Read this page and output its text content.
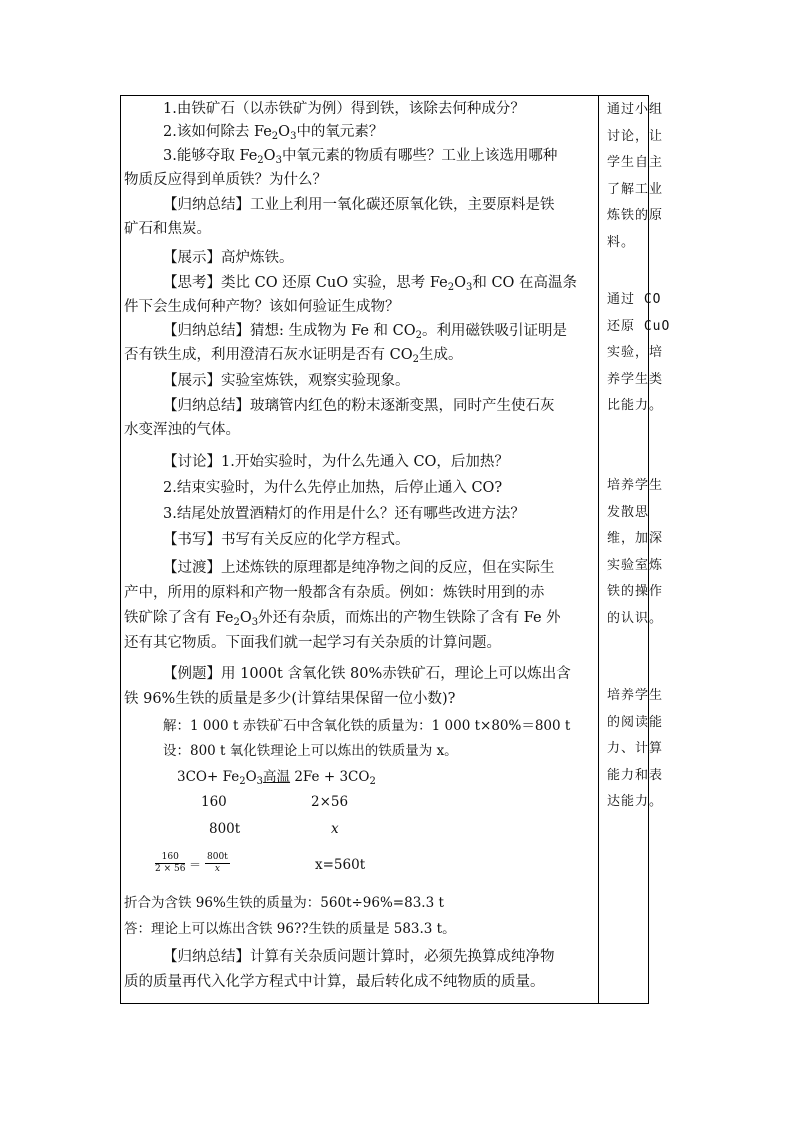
1.由铁矿石（以赤铁矿为例）得到铁，该除去何种成分？
2.该如何除去 $Fe_2O_3$中的氧元素？
3.能够夺取 $Fe_2O_3$中氧元素的物质有哪些？工业上该选用哪种
物质反应得到单质铁？为什么？
【归纳总结】工业上利用一氧化碳还原氧化铁，主要原料是铁
矿石和焦炭。
【展示】高炉炼铁。
【思考】类比 CO 还原 CuO 实验，思考 $Fe_2O_3$和 CO 在高温条
件下会生成何种产物？该如何验证生成物？
【归纳总结】猜想: 生成物为 Fe 和 $CO_2$。利用磁铁吸引证明是
否有铁生成，利用澄清石灰水证明是否有 $CO_2$生成。
【展示】实验室炼铁，观察实验现象。
【归纳总结】玻璃管内红色的粉末逐渐变黑，同时产生使石灰
水变浑浊的气体。
【讨论】1.开始实验时，为什么先通入 CO，后加热？
2.结束实验时，为什么先停止加热，后停止通入 CO?
3.结尾处放置酒精灯的作用是什么？还有哪些改进方法？
【书写】书写有关反应的化学方程式。
【过渡】上述炼铁的原理都是纯净物之间的反应，但在实际生
产中，所用的原料和产物一般都含有杂质。例如：炼铁时用到的赤
铁矿除了含有 $Fe_2O_3$外还有杂质，而炼出的产物生铁除了含有 Fe 外
还有其它物质。下面我们就一起学习有关杂质的计算问题。
【例题】用 1000t 含氧化铁 80%赤铁矿石，理论上可以炼出含
铁 96%生铁的质量是多少(计算结果保留一位小数)?
解：1 000 t 赤铁矿石中含氧化铁的质量为：1 000 t×80%＝800 t
设：800 t 氧化铁理论上可以炼出的铁质量为 x。
$3CO+ Fe_2O_3$高温 $2Fe + 3CO_2$
160	2×56
800t	x
$\frac{160}{2 \times 56} = \frac{800t}{x}$	x=560t
折合为含铁 96%生铁的质量为：560t÷96%=83.3 t
答：理论上可以炼出含铁 96??生铁的质量是 583.3 t。
【归纳总结】计算有关杂质问题计算时，必须先换算成纯净物
质的质量再代入化学方程式中计算，最后转化成不纯物质的质量。
通过小组
讨论，让
学生自主
了解工业
炼铁的原
料。
通过 CO
还原 CuO
实验，培
养学生类
比能力。
培养学生
发散思
维，加深
实验室炼
铁的操作
的认识。
培养学生
的阅读能
力、计算
能力和表
达能力。
